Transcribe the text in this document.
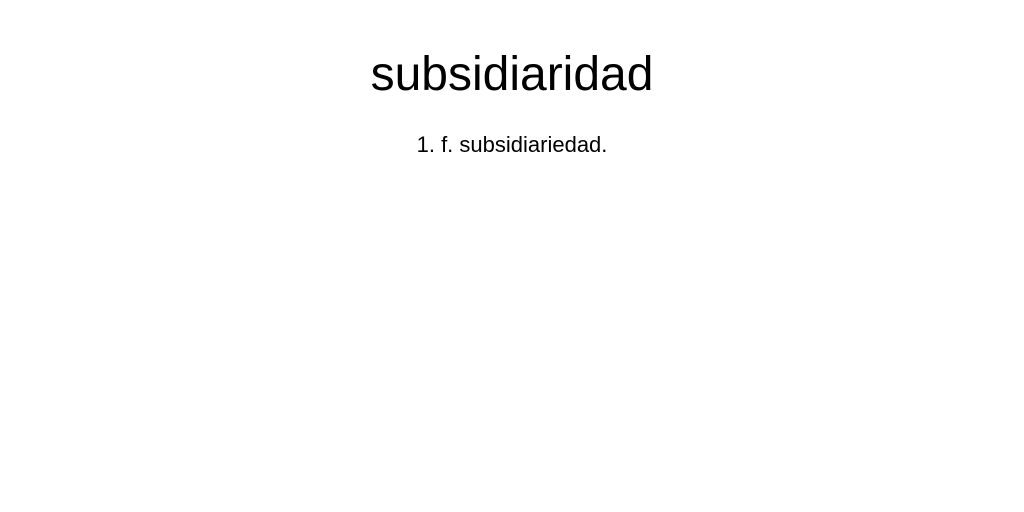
subsidiaridad

1. f. subsidiariedad.
